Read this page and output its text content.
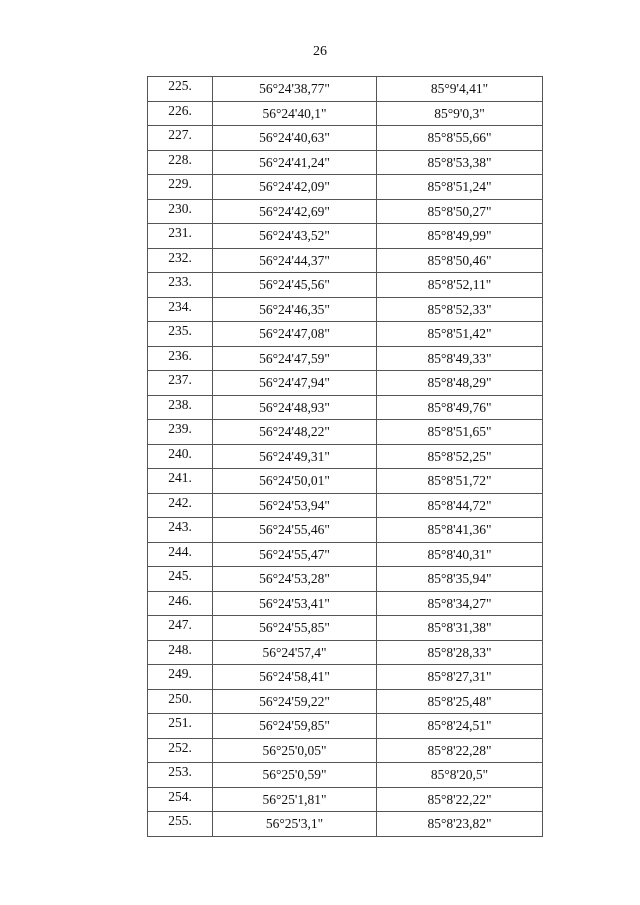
26
225.	56°24'38,77"	85°9'4,41"
226.	56°24'40,1"	85°9'0,3"
227.	56°24'40,63"	85°8'55,66"
228.	56°24'41,24"	85°8'53,38"
229.	56°24'42,09"	85°8'51,24"
230.	56°24'42,69"	85°8'50,27"
231.	56°24'43,52"	85°8'49,99"
232.	56°24'44,37"	85°8'50,46"
233.	56°24'45,56"	85°8'52,11"
234.	56°24'46,35"	85°8'52,33"
235.	56°24'47,08"	85°8'51,42"
236.	56°24'47,59"	85°8'49,33"
237.	56°24'47,94"	85°8'48,29"
238.	56°24'48,93"	85°8'49,76"
239.	56°24'48,22"	85°8'51,65"
240.	56°24'49,31"	85°8'52,25"
241.	56°24'50,01"	85°8'51,72"
242.	56°24'53,94"	85°8'44,72"
243.	56°24'55,46"	85°8'41,36"
244.	56°24'55,47"	85°8'40,31"
245.	56°24'53,28"	85°8'35,94"
246.	56°24'53,41"	85°8'34,27"
247.	56°24'55,85"	85°8'31,38"
248.	56°24'57,4"	85°8'28,33"
249.	56°24'58,41"	85°8'27,31"
250.	56°24'59,22"	85°8'25,48"
251.	56°24'59,85"	85°8'24,51"
252.	56°25'0,05"	85°8'22,28"
253.	56°25'0,59"	85°8'20,5"
254.	56°25'1,81"	85°8'22,22"
255.	56°25'3,1"	85°8'23,82"
